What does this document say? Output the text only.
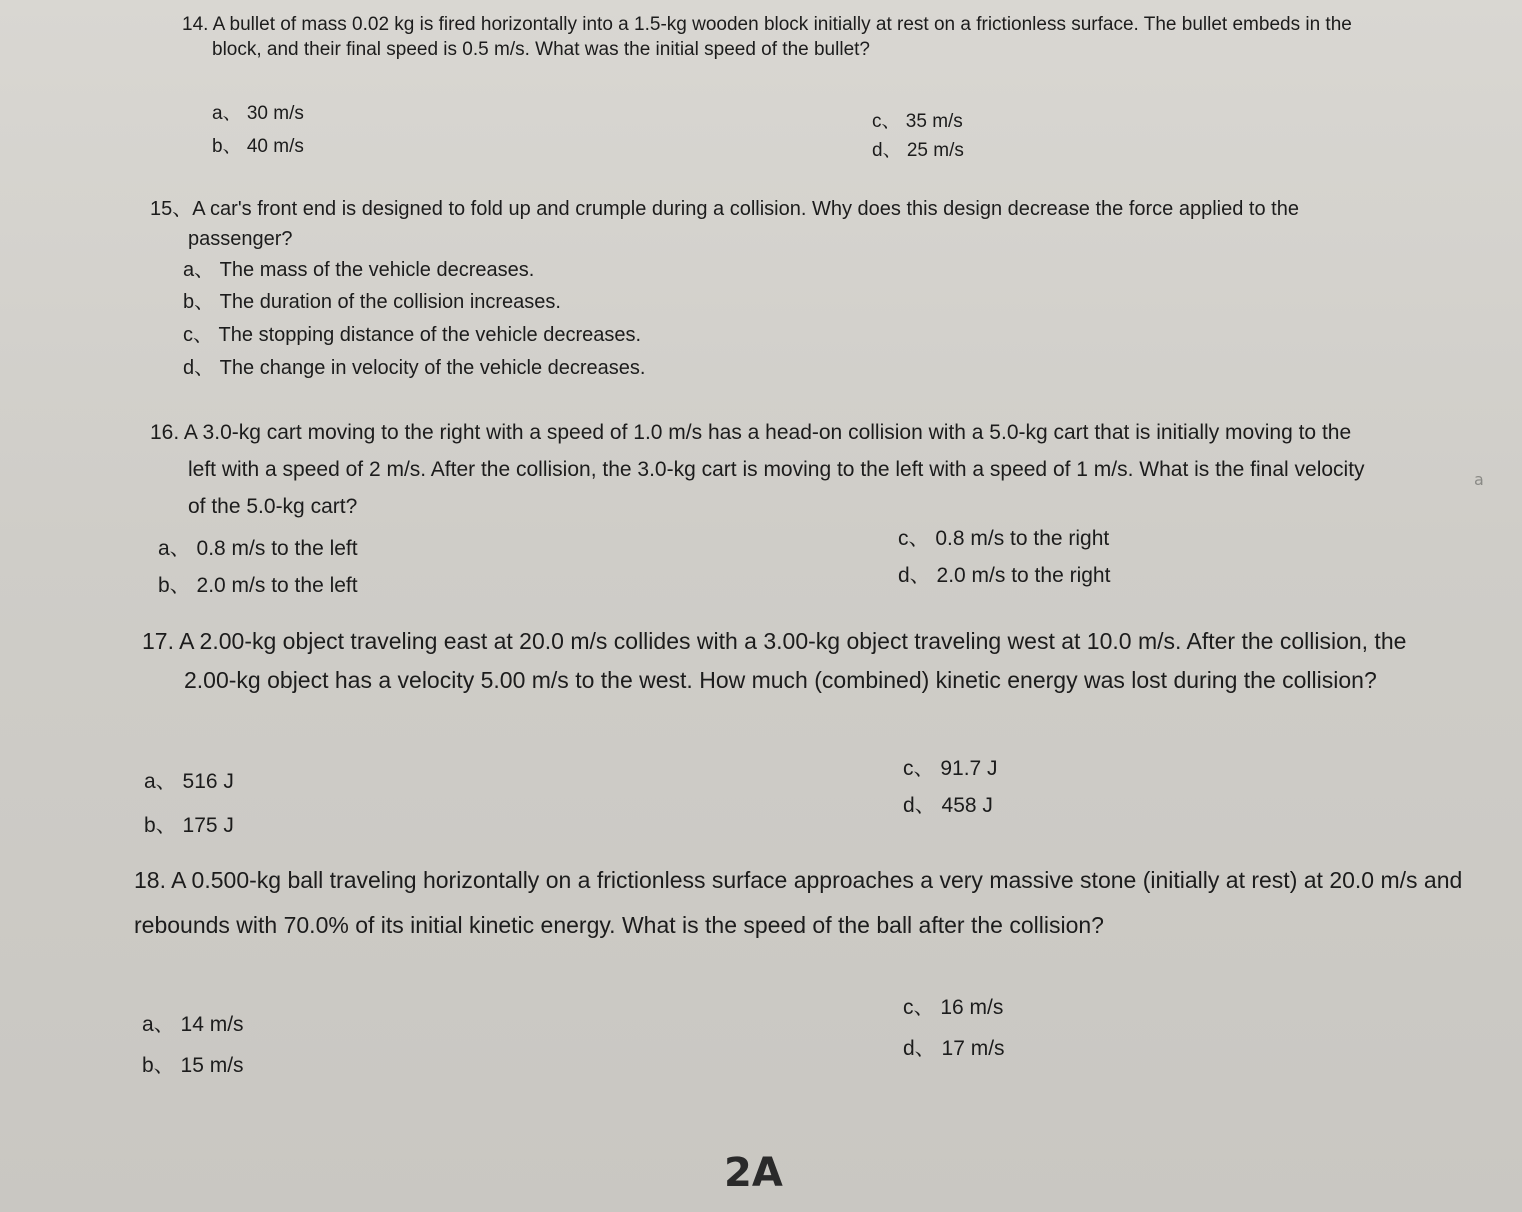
14. A bullet of mass 0.02 kg is fired horizontally into a 1.5-kg wooden block initially at rest on a frictionless surface. The bullet embeds in the block, and their final speed is 0.5 m/s. What was the initial speed of the bullet?

a、 30 m/s
b、 40 m/s
c、 35 m/s
d、 25 m/s

15、A car's front end is designed to fold up and crumple during a collision. Why does this design decrease the force applied to the passenger?

a、 The mass of the vehicle decreases.
b、 The duration of the collision increases.
c、 The stopping distance of the vehicle decreases.
d、 The change in velocity of the vehicle decreases.

16. A 3.0-kg cart moving to the right with a speed of 1.0 m/s has a head-on collision with a 5.0-kg cart that is initially moving to the left with a speed of 2 m/s. After the collision, the 3.0-kg cart is moving to the left with a speed of 1 m/s. What is the final velocity of the 5.0-kg cart?

a、 0.8 m/s to the left
b、 2.0 m/s to the left
c、 0.8 m/s to the right
d、 2.0 m/s to the right

17. A 2.00-kg object traveling east at 20.0 m/s collides with a 3.00-kg object traveling west at 10.0 m/s. After the collision, the 2.00-kg object has a velocity 5.00 m/s to the west. How much (combined) kinetic energy was lost during the collision?

a、 516 J
b、 175 J
c、 91.7 J
d、 458 J

18. A 0.500-kg ball traveling horizontally on a frictionless surface approaches a very massive stone (initially at rest) at 20.0 m/s and rebounds with 70.0% of its initial kinetic energy. What is the speed of the ball after the collision?

a、 14 m/s
b、 15 m/s
c、 16 m/s
d、 17 m/s
2A
a
